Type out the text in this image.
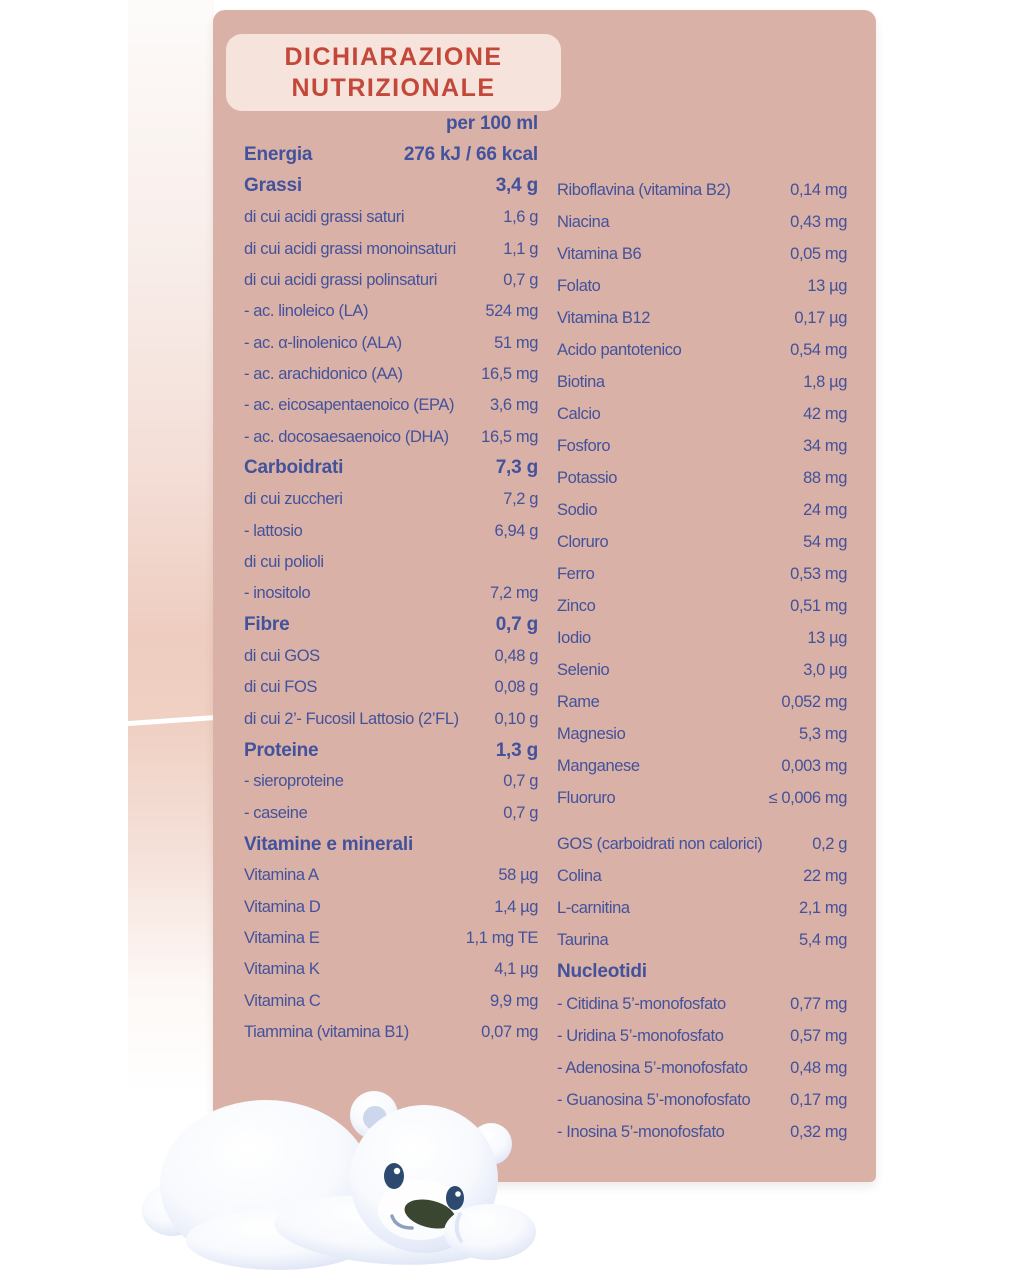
DICHIARAZIONE
NUTRIZIONALE
per 100 ml
Energia	276 kJ / 66 kcal
Grassi	3,4 g
di cui acidi grassi saturi	1,6 g
di cui acidi grassi monoinsaturi	1,1 g
di cui acidi grassi polinsaturi	0,7 g
- ac. linoleico (LA)	524 mg
- ac. α-linolenico (ALA)	51 mg
- ac. arachidonico (AA)	16,5 mg
- ac. eicosapentaenoico (EPA) 3,6 mg
- ac. docosaesaenoico (DHA) 16,5 mg
Carboidrati	7,3 g
di cui zuccheri	7,2 g
- lattosio	6,94 g
di cui polioli
- inositolo	7,2 mg
Fibre	0,7 g
di cui GOS	0,48 g
di cui FOS	0,08 g
di cui 2’- Fucosil Lattosio (2’FL) 0,10 g
Proteine	1,3 g
- sieroproteine	0,7 g
- caseine	0,7 g
Vitamine e minerali
Vitamina A	58 µg
Vitamina D	1,4 µg
Vitamina E	1,1 mg TE
Vitamina K	4,1 µg
Vitamina C	9,9 mg
Tiammina (vitamina B1)	0,07 mg
Riboflavina (vitamina B2)	0,14 mg
Niacina	0,43 mg
Vitamina B6	0,05 mg
Folato	13 µg
Vitamina B12	0,17 µg
Acido pantotenico	0,54 mg
Biotina	1,8 µg
Calcio	42 mg
Fosforo	34 mg
Potassio	88 mg
Sodio	24 mg
Cloruro	54 mg
Ferro	0,53 mg
Zinco	0,51 mg
Iodio	13 µg
Selenio	3,0 µg
Rame	0,052 mg
Magnesio	5,3 mg
Manganese	0,003 mg
Fluoruro	≤ 0,006 mg
GOS (carboidrati non calorici)	0,2 g
Colina	22 mg
L-carnitina	2,1 mg
Taurina	5,4 mg
Nucleotidi
- Citidina 5’-monofosfato	0,77 mg
- Uridina 5’-monofosfato	0,57 mg
- Adenosina 5’-monofosfato	0,48 mg
- Guanosina 5’-monofosfato 0,17 mg
- Inosina 5’-monofosfato	0,32 mg
